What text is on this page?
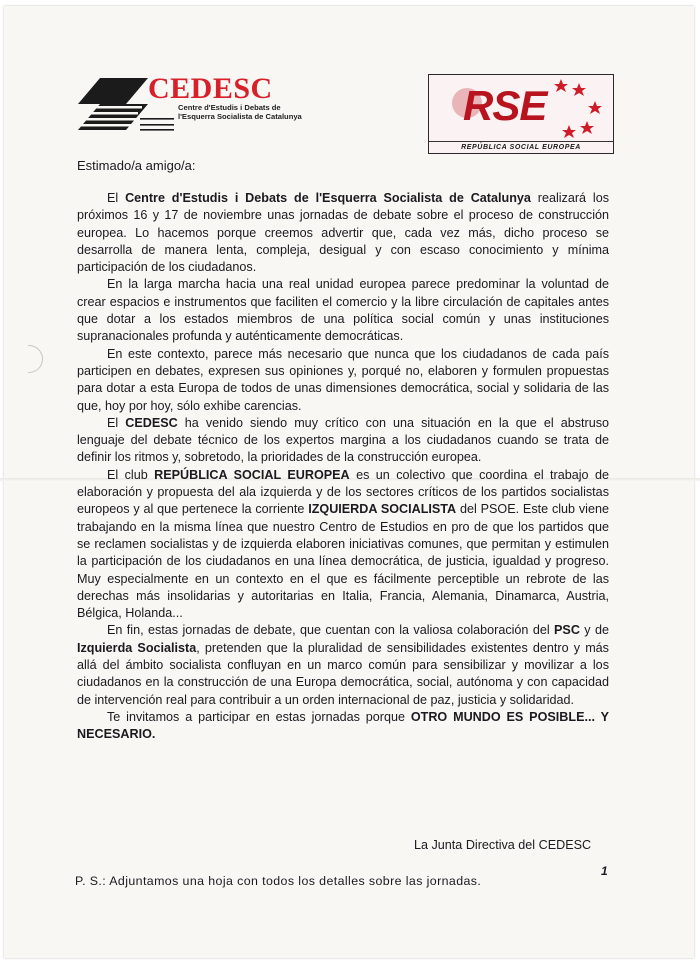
CEDESC
Centre d'Estudis i Debats de
l'Esquerra Socialista de Catalunya	RSE
REPÚBLICA SOCIAL EUROPEA
Estimado/a amigo/a:

El Centre d'Estudis i Debats de l'Esquerra Socialista de Catalunya realizará los próximos 16 y 17 de noviembre unas jornadas de debate sobre el proceso de construcción europea. Lo hacemos porque creemos advertir que, cada vez más, dicho proceso se desarrolla de manera lenta, compleja, desigual y con escaso conocimiento y mínima participación de los ciudadanos.

En la larga marcha hacia una real unidad europea parece predominar la voluntad de crear espacios e instrumentos que faciliten el comercio y la libre circulación de capitales antes que dotar a los estados miembros de una política social común y unas instituciones supranacionales profunda y auténticamente democráticas.

En este contexto, parece más necesario que nunca que los ciudadanos de cada país participen en debates, expresen sus opiniones y, porqué no, elaboren y formulen propuestas para dotar a esta Europa de todos de unas dimensiones democrática, social y solidaria de las que, hoy por hoy, sólo exhibe carencias.

El CEDESC ha venido siendo muy crítico con una situación en la que el abstruso lenguaje del debate técnico de los expertos margina a los ciudadanos cuando se trata de definir los ritmos y, sobretodo, la prioridades de la construcción europea.

El club REPÚBLICA SOCIAL EUROPEA es un colectivo que coordina el trabajo de elaboración y propuesta del ala izquierda y de los sectores críticos de los partidos socialistas europeos y al que pertenece la corriente IZQUIERDA SOCIALISTA del PSOE. Este club viene trabajando en la misma línea que nuestro Centro de Estudios en pro de que los partidos que se reclamen socialistas y de izquierda elaboren iniciativas comunes, que permitan y estimulen la participación de los ciudadanos en una línea democrática, de justicia, igualdad y progreso. Muy especialmente en un contexto en el que es fácilmente perceptible un rebrote de las derechas más insolidarias y autoritarias en Italia, Francia, Alemania, Dinamarca, Austria, Bélgica, Holanda...

En fin, estas jornadas de debate, que cuentan con la valiosa colaboración del PSC y de Izquierda Socialista, pretenden que la pluralidad de sensibilidades existentes dentro y más allá del ámbito socialista confluyan en un marco común para sensibilizar y movilizar a los ciudadanos en la construcción de una Europa democrática, social, autónoma y con capacidad de intervención real para contribuir a un orden internacional de paz, justicia y solidaridad.

Te invitamos a participar en estas jornadas porque OTRO MUNDO ES POSIBLE... Y NECESARIO.

La Junta Directiva del CEDESC
1
P. S.: Adjuntamos una hoja con todos los detalles sobre las jornadas.
